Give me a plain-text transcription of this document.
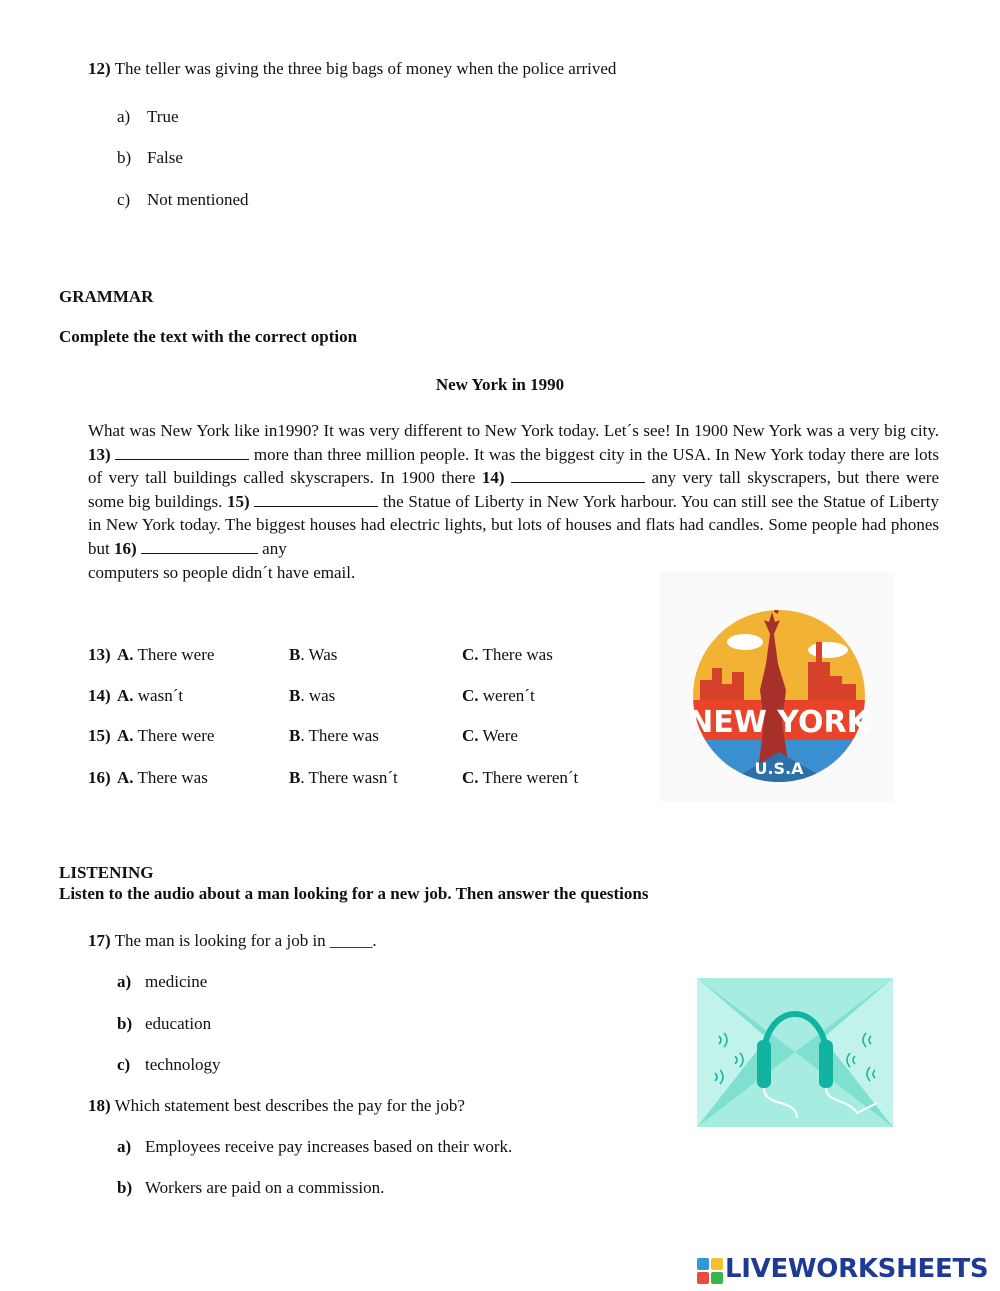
12) The teller was giving the three big bags of money when the police arrived
a) True
b) False
c) Not mentioned
GRAMMAR
Complete the text with the correct option
New York in 1990
What was New York like in1990? It was very different to New York today. Let´s see! In 1900 New York was a very big city. 13)	more than three million people. It was the biggest city in the USA. In New York today there are lots of very tall buildings called skyscrapers. In 1900 there 14)	any very tall skyscrapers, but there were some big buildings. 15)	the Statue of Liberty in New York harbour. You can still see the Statue of Liberty in New York today. The biggest houses had electric lights, but lots of houses and flats had candles. Some people had phones but 16)	any
computers so people didn´t have email.
13) A. There were	B. Was	C. There was
14) A. wasn´t	B. was	C. weren´t
15) A. There were	B. There was	C. Were
16) A. There was	B. There wasn´t	C. There weren´t
NEW YORK
U.S.A
LISTENING
Listen to the audio about a man looking for a new job. Then answer the questions
17) The man is looking for a job in _____.
a) medicine
b) education
c) technology
18) Which statement best describes the pay for the job?
a) Employees receive pay increases based on their work.
b) Workers are paid on a commission.
LIVEWORKSHEETS
